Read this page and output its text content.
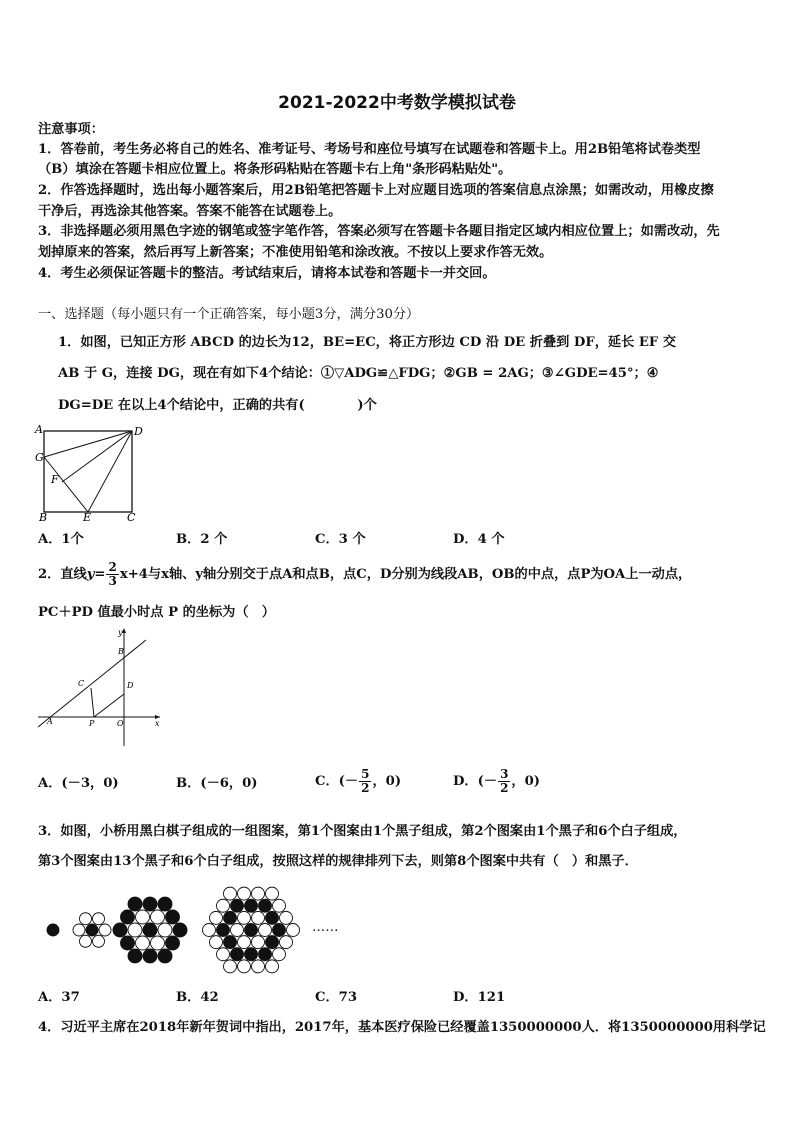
2021-2022中考数学模拟试卷
注意事项：
1．答卷前，考生务必将自己的姓名、准考证号、考场号和座位号填写在试题卷和答题卡上。用2B铅笔将试卷类型
（B）填涂在答题卡相应位置上。将条形码粘贴在答题卡右上角"条形码粘贴处"。
2．作答选择题时，选出每小题答案后，用2B铅笔把答题卡上对应题目选项的答案信息点涂黑；如需改动，用橡皮擦
干净后，再选涂其他答案。答案不能答在试题卷上。
3．非选择题必须用黑色字迹的钢笔或签字笔作答，答案必须写在答题卡各题目指定区域内相应位置上；如需改动，先
划掉原来的答案，然后再写上新答案；不准使用铅笔和涂改液。不按以上要求作答无效。
4．考生必须保证答题卡的整洁。考试结束后，请将本试卷和答题卡一并交回。
一、选择题（每小题只有一个正确答案，每小题3分，满分30分）
1．如图，已知正方形 ABCD 的边长为12，BE=EC，将正方形边 CD 沿 DE 折叠到 DF，延长 EF 交
AB 于 G，连接 DG，现在有如下4个结论：①▽ADG≌△FDG；②GB = 2AG；③∠GDE=45°；④
DG=DE 在以上4个结论中，正确的共有(　　　　)个
A	D
G
F
B	E	C
A．1个	B．2 个	C．3 个	D．4 个
2．直线$y= \frac{2}{3} x+4$与x轴、y轴分别交于点A和点B，点C，D分别为线段AB，OB的中点，点P为OA上一动点，
PC＋PD 值最小时点 P 的坐标为（　）
y
B
C	D
A	P	O	x
A．(－3，0)	B．(－6，0)	C．(－ $\frac{5}{2}$ ，0)	D．(－ $\frac{3}{2}$ ，0)
3．如图，小桥用黑白棋子组成的一组图案，第1个图案由1个黑子组成，第2个图案由1个黑子和6个白子组成，
第3个图案由13个黑子和6个白子组成，按照这样的规律排列下去，则第8个图案中共有（　）和黑子．
……
A．37	B．42	C．73	D．121
4．习近平主席在2018年新年贺词中指出，2017年，基本医疗保险已经覆盖1350000000人．将1350000000用科学记
